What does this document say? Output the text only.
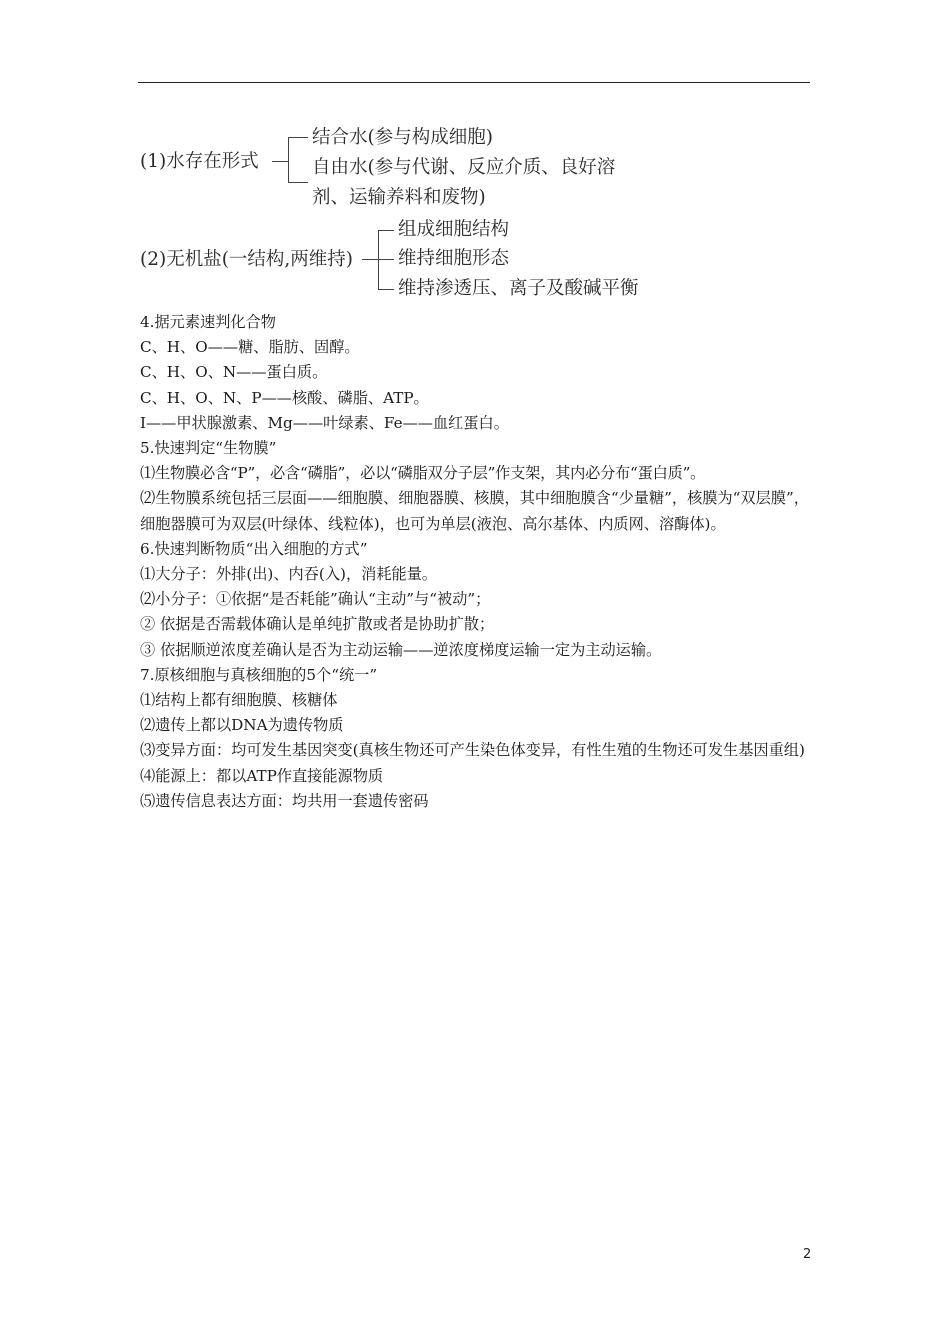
(1)水存在形式
结合水(参与构成细胞)
自由水(参与代谢、反应介质、良好溶
剂、运输养料和废物)
(2)无机盐(一结构,两维持)
组成细胞结构
维持细胞形态
维持渗透压、离子及酸碱平衡

4.据元素速判化合物

C、H、O——糖、脂肪、固醇。

C、H、O、N——蛋白质。

C、H、O、N、P——核酸、磷脂、ATP。

I——甲状腺激素、Mg——叶绿素、Fe——血红蛋白。

5.快速判定“生物膜”

⑴生物膜必含“P”，必含“磷脂”，必以“磷脂双分子层”作支架，其内必分布“蛋白质”。

⑵生物膜系统包括三层面——细胞膜、细胞器膜、核膜，其中细胞膜含“少量糖”，核膜为“双层膜”，细胞器膜可为双层(叶绿体、线粒体)，也可为单层(液泡、高尔基体、内质网、溶酶体)。

6.快速判断物质“出入细胞的方式”

⑴大分子：外排(出)、内吞(入)，消耗能量。

⑵小分子：①依据“是否耗能”确认“主动”与“被动”；

② 依据是否需载体确认是单纯扩散或者是协助扩散；

③ 依据顺逆浓度差确认是否为主动运输——逆浓度梯度运输一定为主动运输。

7.原核细胞与真核细胞的5个“统一”

⑴结构上都有细胞膜、核糖体

⑵遗传上都以DNA为遗传物质

⑶变异方面：均可发生基因突变(真核生物还可产生染色体变异，有性生殖的生物还可发生基因重组)

⑷能源上：都以ATP作直接能源物质

⑸遗传信息表达方面：均共用一套遗传密码

2
